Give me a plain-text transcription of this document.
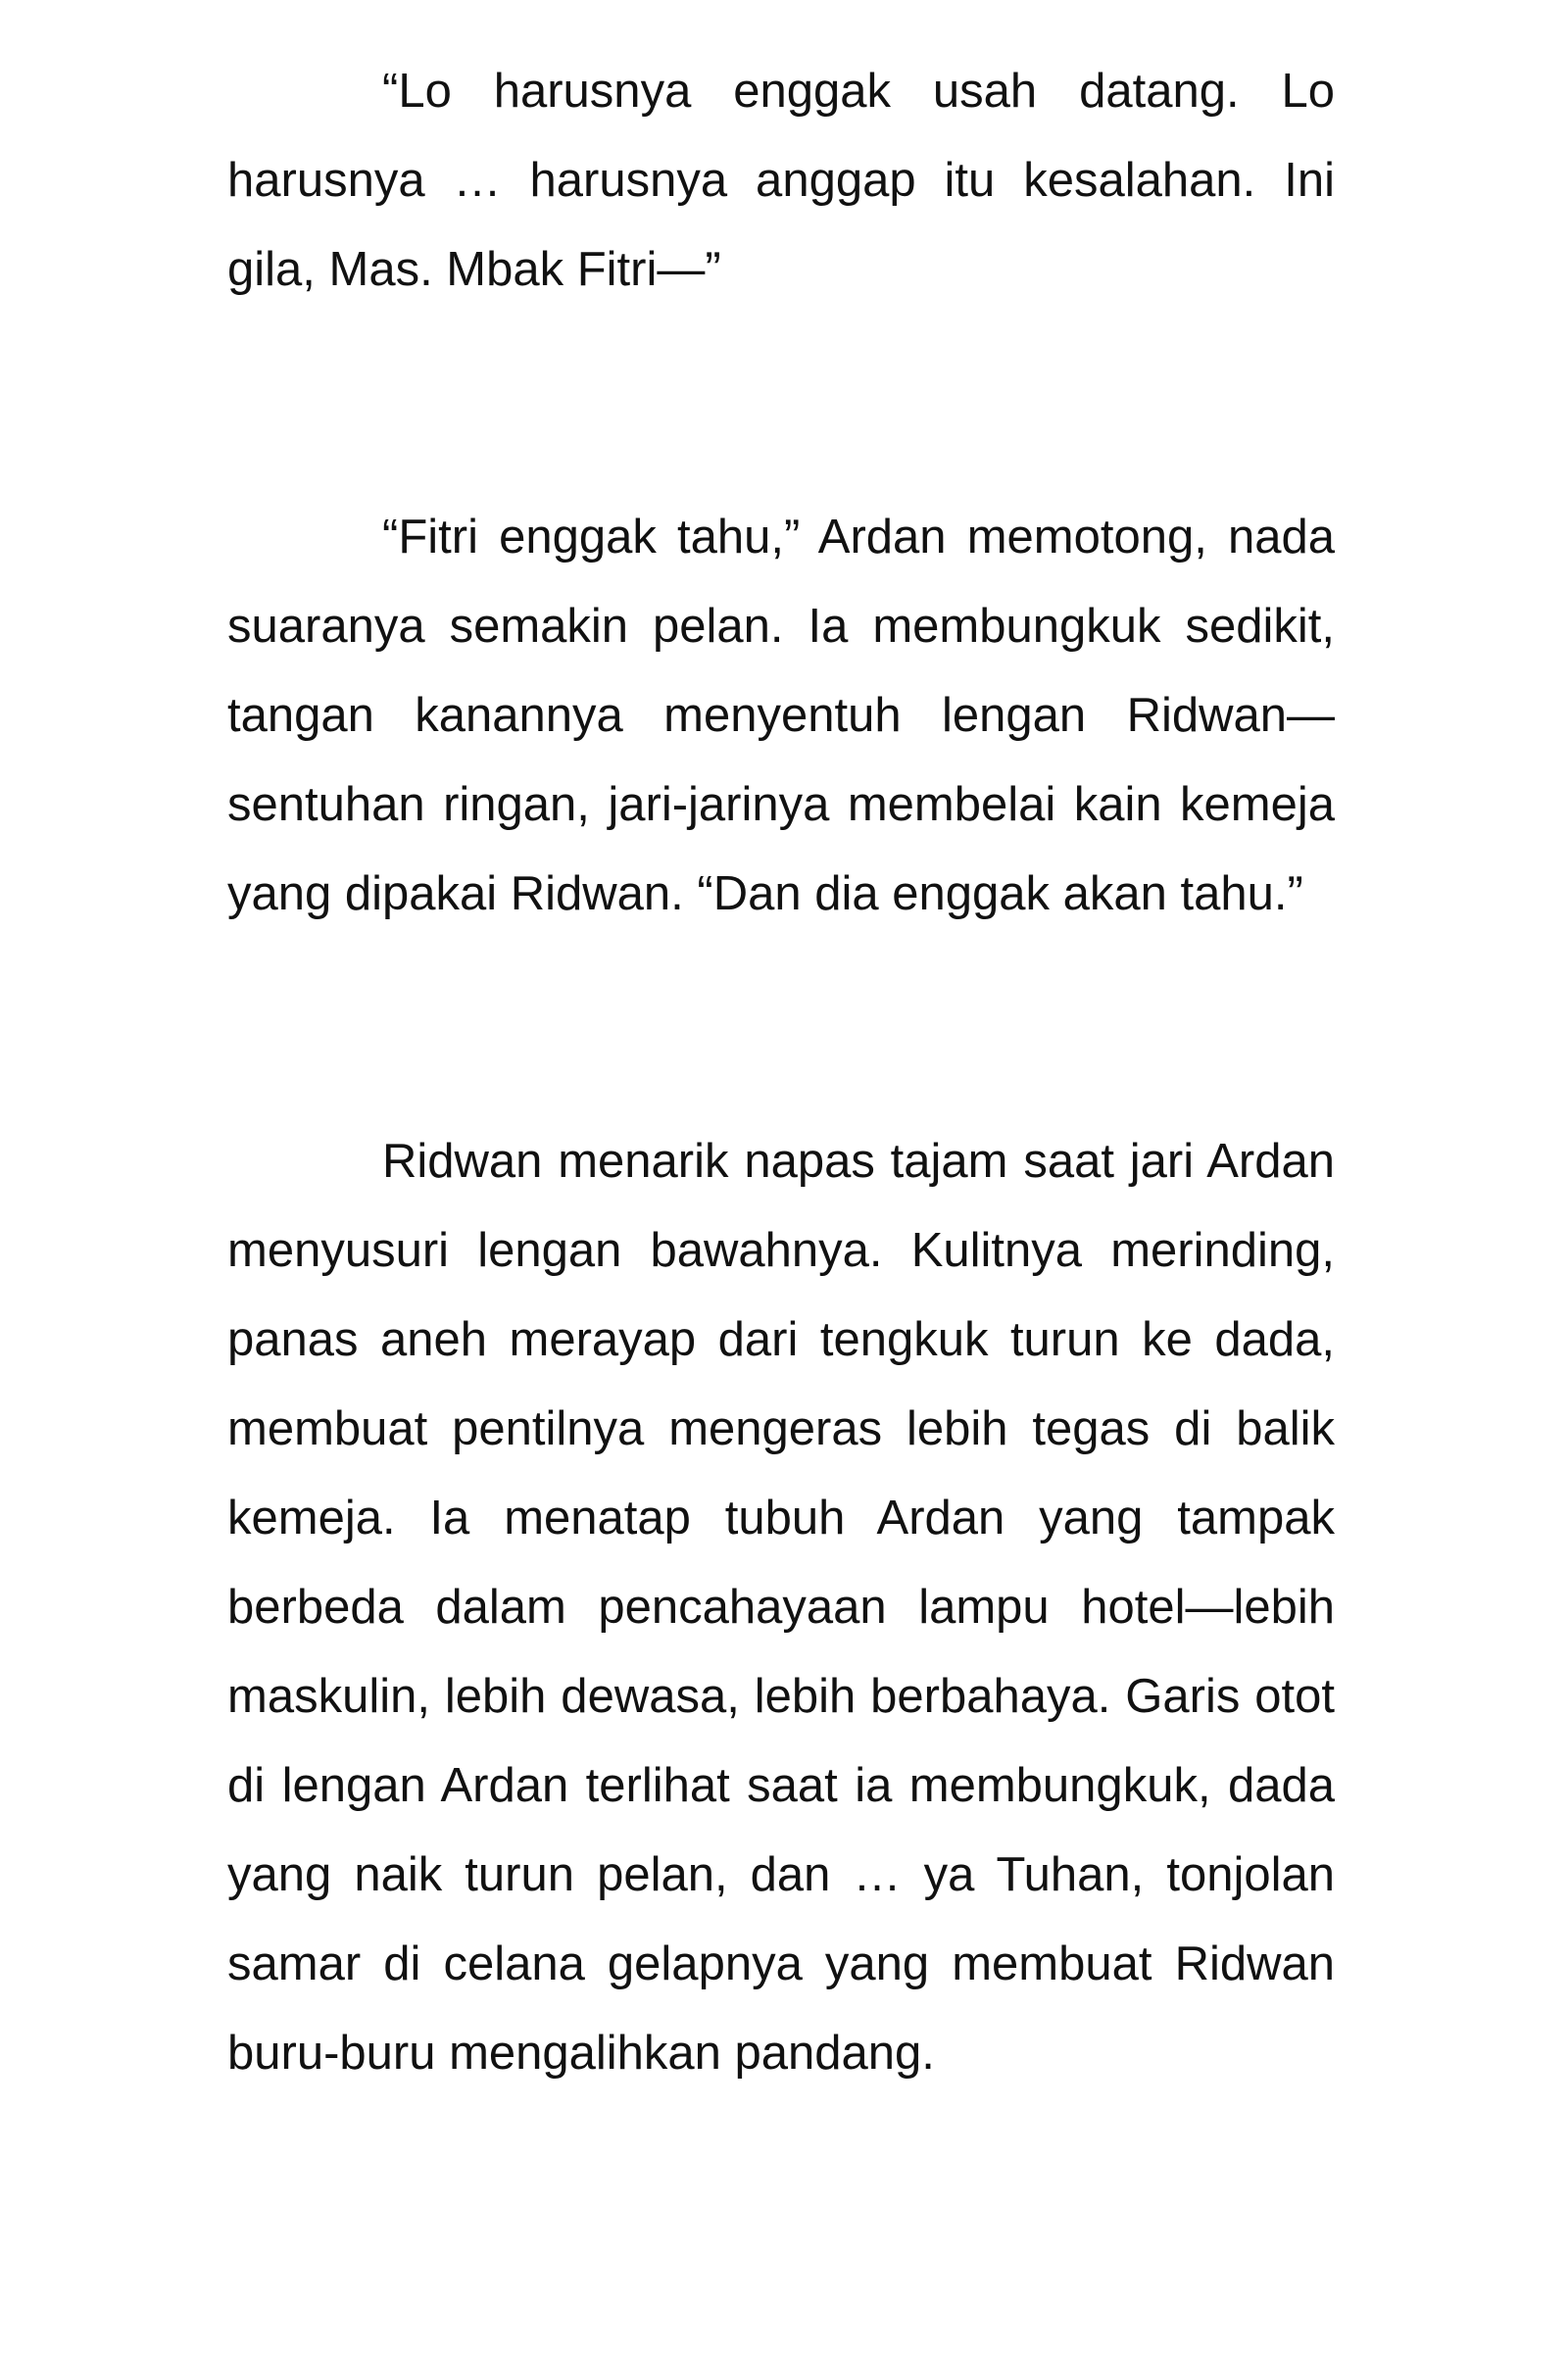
“Lo harusnya enggak usah datang. Lo harusnya … harusnya anggap itu kesalahan. Ini gila, Mas. Mbak Fitri—”

“Fitri enggak tahu,” Ardan memotong, nada suaranya semakin pelan. Ia membungkuk sedikit, tangan kanannya menyentuh lengan Ridwan—sentuhan ringan, jari-jarinya membelai kain kemeja yang dipakai Ridwan. “Dan dia enggak akan tahu.”

Ridwan menarik napas tajam saat jari Ardan menyusuri lengan bawahnya. Kulitnya merinding, panas aneh merayap dari tengkuk turun ke dada, membuat pentilnya mengeras lebih tegas di balik kemeja. Ia menatap tubuh Ardan yang tampak berbeda dalam pencahayaan lampu hotel—lebih maskulin, lebih dewasa, lebih berbahaya. Garis otot di lengan Ardan terlihat saat ia membungkuk, dada yang naik turun pelan, dan … ya Tuhan, tonjolan samar di celana gelapnya yang membuat Ridwan buru-buru mengalihkan pandang.
